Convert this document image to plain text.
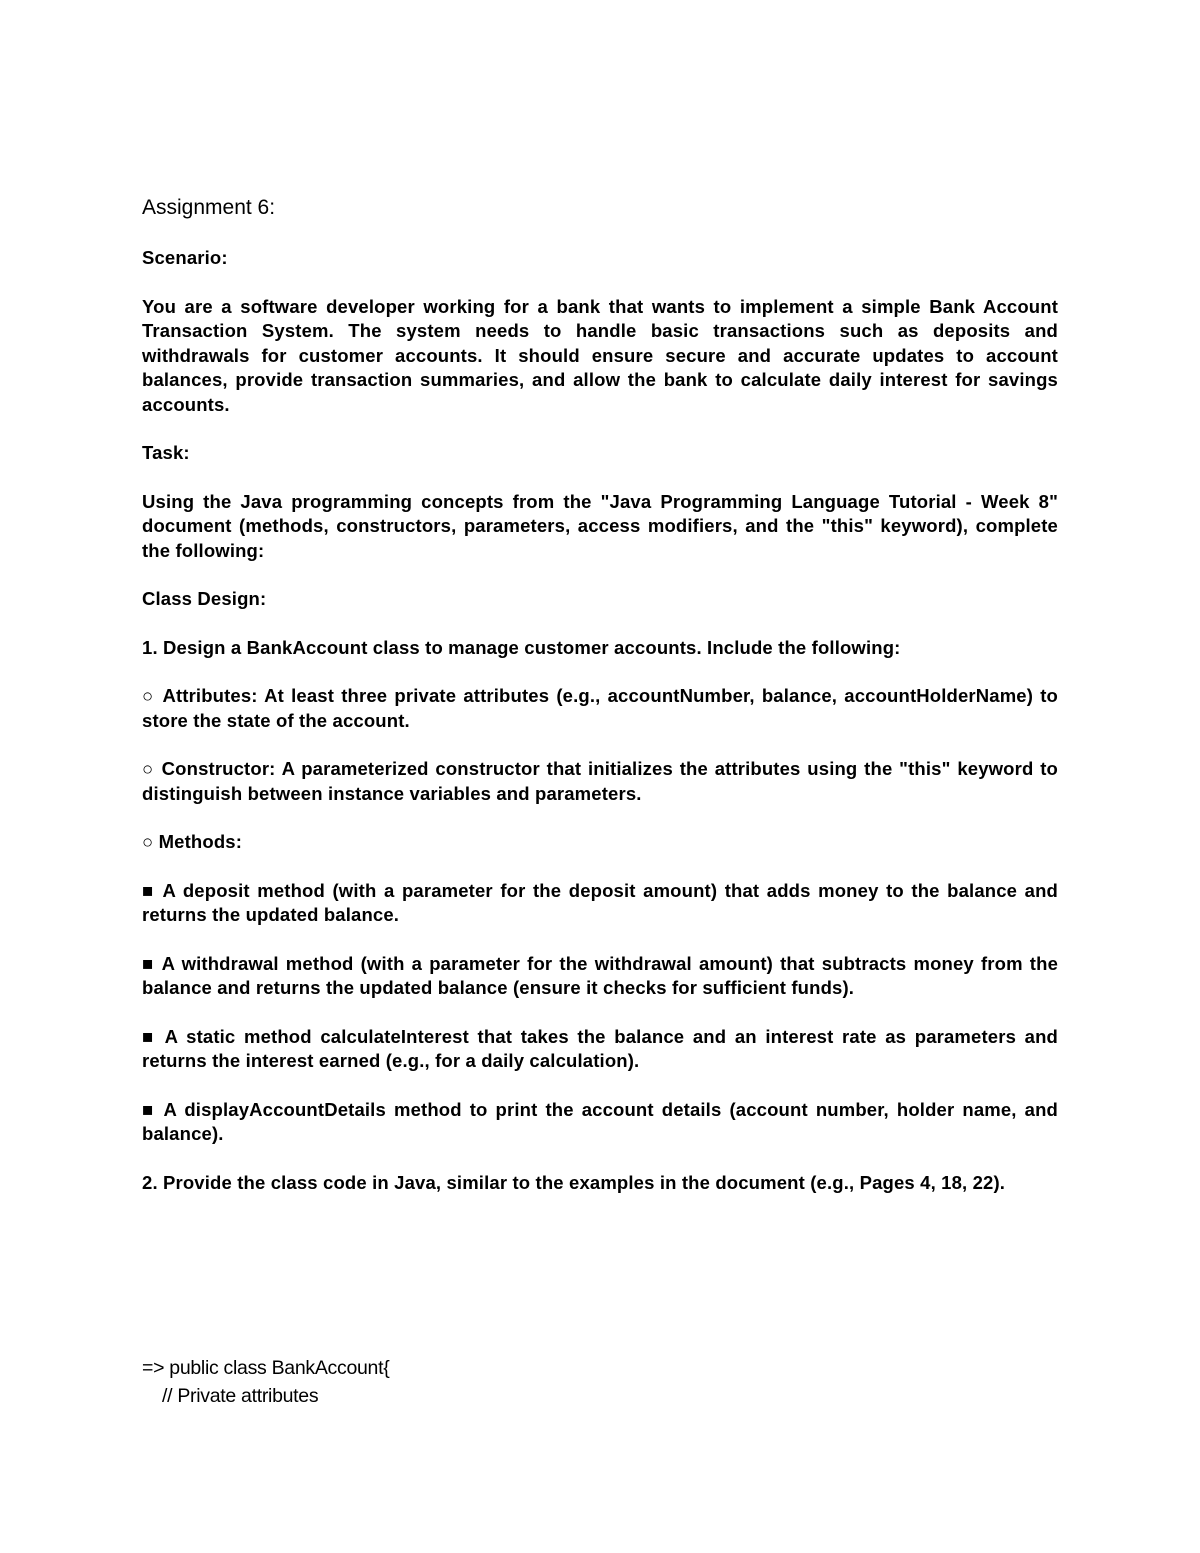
Assignment 6:
Scenario:
You are a software developer working for a bank that wants to implement a simple Bank Account Transaction System. The system needs to handle basic transactions such as deposits and withdrawals for customer accounts. It should ensure secure and accurate updates to account balances, provide transaction summaries, and allow the bank to calculate daily interest for savings accounts.
Task:
Using the Java programming concepts from the "Java Programming Language Tutorial - Week 8" document (methods, constructors, parameters, access modifiers, and the "this" keyword), complete the following:
Class Design:
1. Design a BankAccount class to manage customer accounts. Include the following:
○ Attributes: At least three private attributes (e.g., accountNumber, balance, accountHolderName) to store the state of the account.
○ Constructor: A parameterized constructor that initializes the attributes using the "this" keyword to distinguish between instance variables and parameters.
○ Methods:
■ A deposit method (with a parameter for the deposit amount) that adds money to the balance and returns the updated balance.
■ A withdrawal method (with a parameter for the withdrawal amount) that subtracts money from the balance and returns the updated balance (ensure it checks for sufficient funds).
■ A static method calculateInterest that takes the balance and an interest rate as parameters and returns the interest earned (e.g., for a daily calculation).
■ A displayAccountDetails method to print the account details (account number, holder name, and balance).
2. Provide the class code in Java, similar to the examples in the document (e.g., Pages 4, 18, 22).
=> public class BankAccount{
// Private attributes
